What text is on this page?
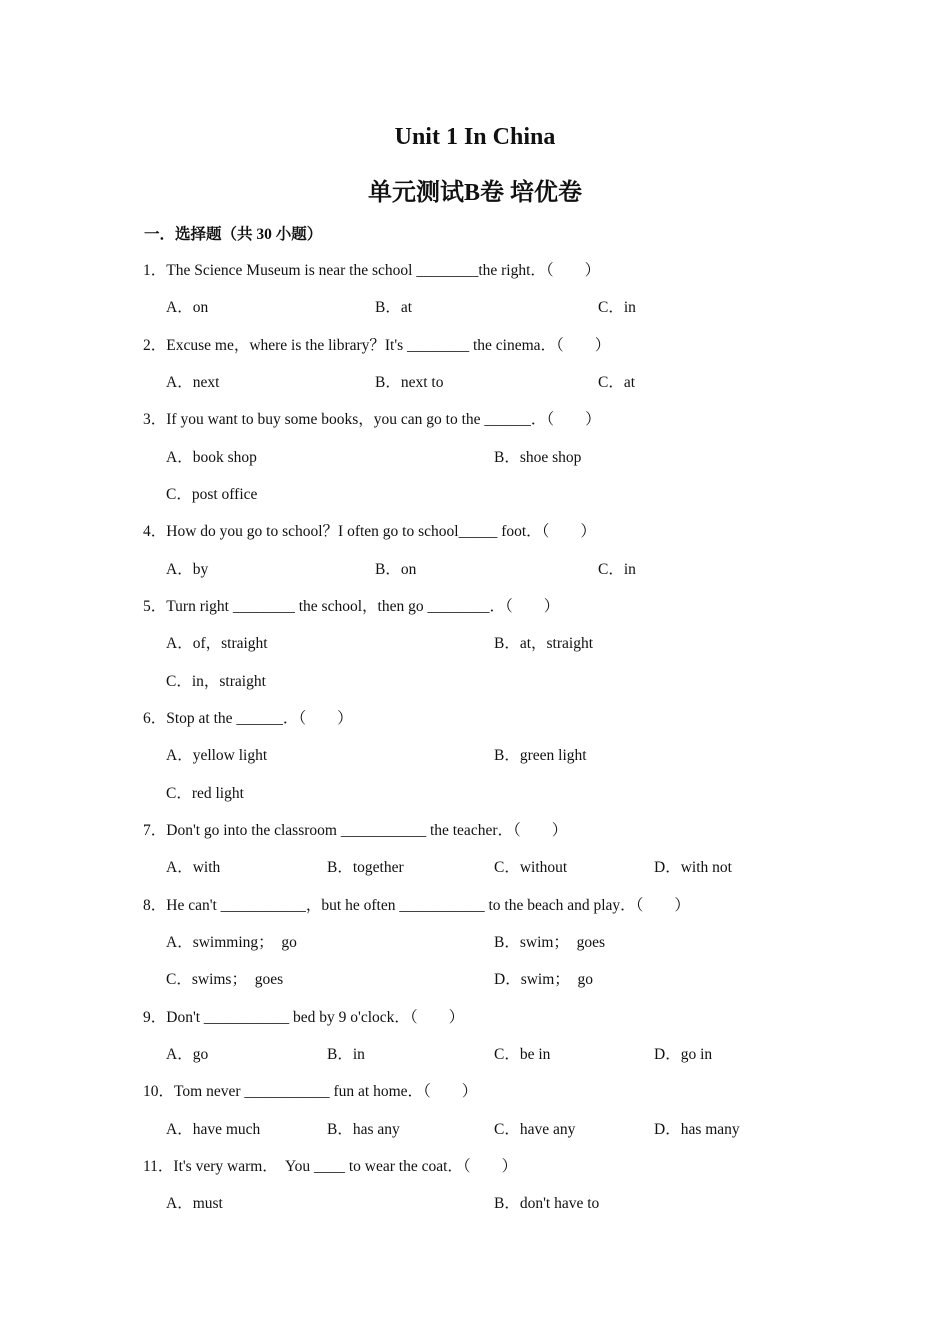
Unit 1 In China
单元测试B卷 培优卷
一．选择题（共 30 小题）
1．The Science Museum is near the school ________the right．（　　）
A．on	B．at	C．in
2．Excuse me，where is the library？It's ________ the cinema．（　　）
A．next	B．next to	C．at
3．If you want to buy some books，you can go to the ______．（　　）
A．book shop	B．shoe shop
C．post office
4．How do you go to school？I often go to school_____ foot．（　　）
A．by	B．on	C．in
5．Turn right ________ the school，then go ________．（　　）
A．of，straight	B．at，straight
C．in，straight
6．Stop at the ______．（　　）
A．yellow light	B．green light
C．red light
7．Don't go into the classroom ___________ the teacher．（　　）
A．with	B．together	C．without	D．with not
8．He can't ___________，but he often ___________ to the beach and play．（　　）
A．swimming；  go	B．swim；  goes
C．swims；  goes	D．swim；  go
9．Don't ___________ bed by 9 o'clock．（　　）
A．go	B．in	C．be in	D．go in
10．Tom never ___________ fun at home．（　　）
A．have much	B．has any	C．have any	D．has many
11．It's very warm．  You ____ to wear the coat．（　　）
A．must	B．don't have to
